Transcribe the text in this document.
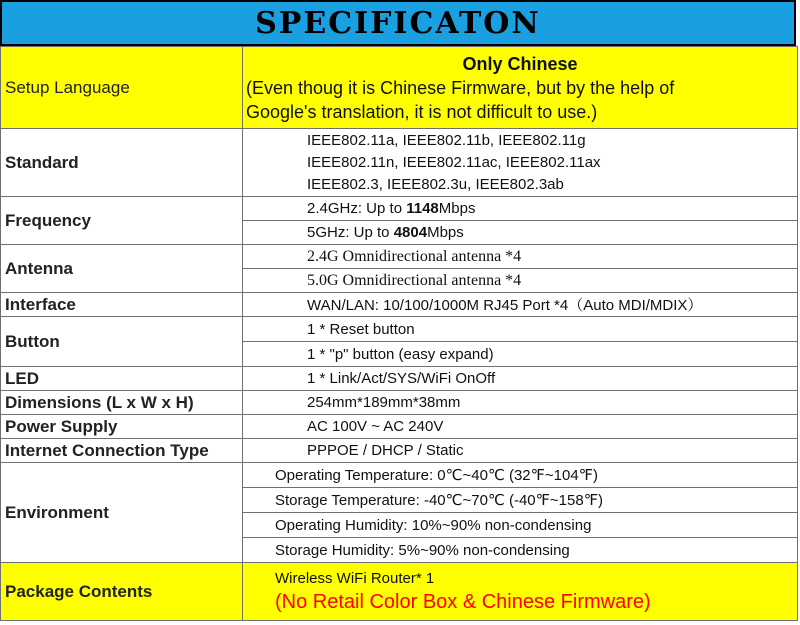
SPECIFICATON
Setup Language	Only Chinese
(Even thoug it is Chinese Firmware, but by the help of
Google's translation, it is not difficult to use.)

Standard	IEEE802.11a, IEEE802.11b, IEEE802.11g
IEEE802.11n, IEEE802.11ac, IEEE802.11ax
IEEE802.3, IEEE802.3u, IEEE802.3ab

Frequency	2.4GHz: Up to 1148Mbps

	5GHz: Up to 4804Mbps

Antenna	2.4G Omnidirectional antenna *4

	5.0G Omnidirectional antenna *4

Interface	WAN/LAN: 10/100/1000M RJ45 Port *4（Auto MDI/MDIX）

Button	1 * Reset button

	1 * "p" button (easy expand)

LED	1 * Link/Act/SYS/WiFi OnOff

Dimensions (L x W x H)	254mm*189mm*38mm

Power Supply	AC 100V ~ AC 240V

Internet Connection Type	PPPOE / DHCP / Static

Environment	Operating Temperature: 0℃~40℃ (32℉~104℉)

	Storage Temperature: -40℃~70℃ (-40℉~158℉)

	Operating Humidity: 10%~90% non-condensing

	Storage Humidity: 5%~90% non-condensing

Package Contents	Wireless WiFi Router* 1
(No Retail Color Box & Chinese Firmware)
